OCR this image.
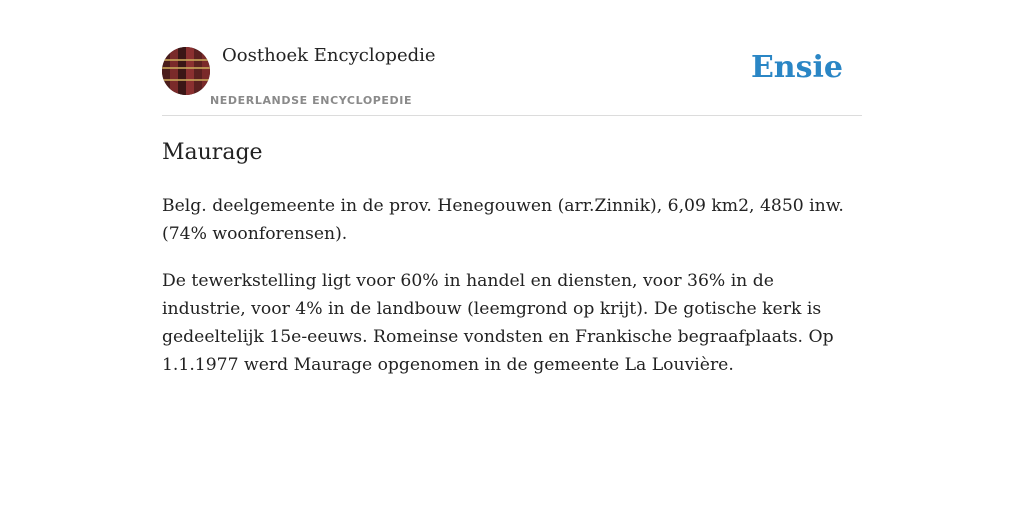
Oosthoek Encyclopedie
NEDERLANDSE ENCYCLOPEDIE
Ensie
Maurage

Belg. deelgemeente in de prov. Henegouwen (arr.Zinnik), 6,09 km2, 4850 inw. (74% woonforensen).

De tewerkstelling ligt voor 60% in handel en diensten, voor 36% in de industrie, voor 4% in de landbouw (leemgrond op krijt). De gotische kerk is gedeeltelijk 15e-eeuws. Romeinse vondsten en Frankische begraafplaats. Op 1.1.1977 werd Maurage opgenomen in de gemeente La Louvière.
